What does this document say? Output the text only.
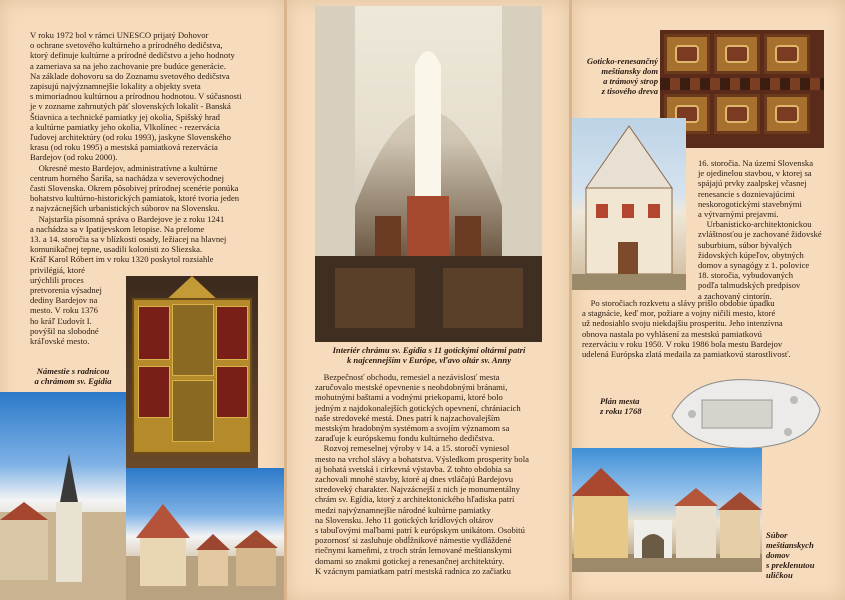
V roku 1972 bol v rámci UNESCO prijatý Dohovor
o ochrane svetového kultúrneho a prírodného dedičstva,
ktorý definuje kultúrne a prírodné dedičstvo a jeho hodnoty
a zameriava sa na jeho zachovanie pre budúce generácie.
Na základe dohovoru sa do Zoznamu svetového dedičstva
zapisujú najvýznamnejšie lokality a objekty sveta
s mimoriadnou kultúrnou a prírodnou hodnotou. V súčasnosti
je v zozname zahrnutých päť slovenských lokalít - Banská
Štiavnica a technické pamiatky jej okolia, Spišský hrad
a kultúrne pamiatky jeho okolia, Vlkolínec - rezervácia
ľudovej architektúry (od roku 1993), jaskyne Slovenského
krasu (od roku 1995) a mestská pamiatková rezervácia
Bardejov (od roku 2000).
Okresné mesto Bardejov, administratívne a kultúrne
centrum horného Šariša, sa nachádza v severovýchodnej
časti Slovenska. Okrem pôsobivej prírodnej scenérie ponúka
bohatstvo kultúrno-historických pamiatok, ktoré tvoria jeden
z najvzácnejších urbanistických súborov na Slovensku.
Najstaršia písomná správa o Bardejove je z roku 1241
a nachádza sa v Ipatijevskom letopise. Na prelome
13. a 14. storočia sa v blízkosti osady, ležiacej na hlavnej
komunikačnej tepne, usadili kolonisti zo Sliezska.
Kráľ Karol Róbert im v roku 1320 poskytol rozsiahle
privilégiá, ktoré
urýchlili proces
pretvorenia výsadnej
dediny Bardejov na
mesto. V roku 1376
ho kráľ Ľudovít I.
povýšil na slobodné
kráľovské mesto.
Námestie s radnicou
a chrámom sv. Egídia
Interiér chrámu sv. Egídia s 11 gotickými oltármi patrí
k najcennejším v Európe, vľavo oltár sv. Anny
Bezpečnosť obchodu, remesiel a nezávislosť mesta
zaručovalo mestské opevnenie s neobdobnými bránami,
mohutnými baštami a vodnými priekopami, ktoré bolo
jedným z najdokonalejších gotických opevnení, chrániacich
naše stredoveké mestá. Dnes patrí k najzachovalejším
mestským hradobným systémom a svojím významom sa
zaraďuje k európskemu fondu kultúrneho dedičstva.
Rozvoj remeselnej výroby v 14. a 15. storočí vyniesol
mesto na vrchol slávy a bohatstva. Výsledkom prosperity bola
aj bohatá svetská i cirkevná výstavba. Z tohto obdobia sa
zachovali mnohé stavby, ktoré aj dnes vtláčajú Bardejovu
stredoveký charakter. Najvzácnejší z nich je monumentálny
chrám sv. Egídia, ktorý z architektonického hľadiska patrí
medzi najvýznamnejšie národné kultúrne pamiatky
na Slovensku. Jeho 11 gotických krídlových oltárov
s tabuľovými maľbami patrí k európskym unikátom. Osobitú
pozornosť si zasluhuje obdĺžnikové námestie vydláždené
riečnymi kameňmi, z troch strán lemované meštianskymi
domami so znakmi gotickej a renesančnej architektúry.
K vzácnym pamiatkam patrí mestská radnica zo začiatku
Goticko-renesančný
meštiansky dom
a trámový strop
z tisového dreva
16. storočia. Na území Slovenska
je ojedinelou stavbou, v ktorej sa
spájajú prvky zaalpskej včasnej
renesancie s doznievajúcimi
neskorogotickými stavebnými
a výtvarnými prejavmi.
Urbanisticko-architektonickou
zvláštnosťou je zachované židovské
suburbium, súbor bývalých
židovských kúpeľov, obytných
domov a synagógy z 1. polovice
18. storočia, vybudovaných
podľa talmudských predpisov
a zachovaný cintorín.
Po storočiach rozkvetu a slávy prišlo obdobie úpadku
a stagnácie, keď mor, požiare a vojny ničili mesto, ktoré
už nedosiahlo svoju niekdajšiu prosperitu. Jeho intenzívna
obnova nastala po vyhlásení za mestskú pamiatkovú
rezerváciu v roku 1950. V roku 1986 bola mestu Bardejov
udelená Európska zlatá medaila za pamiatkovú starostlivosť.
Plán mesta
z roku 1768
Súbor
meštianskych
domov
s preklenutou
uličkou
